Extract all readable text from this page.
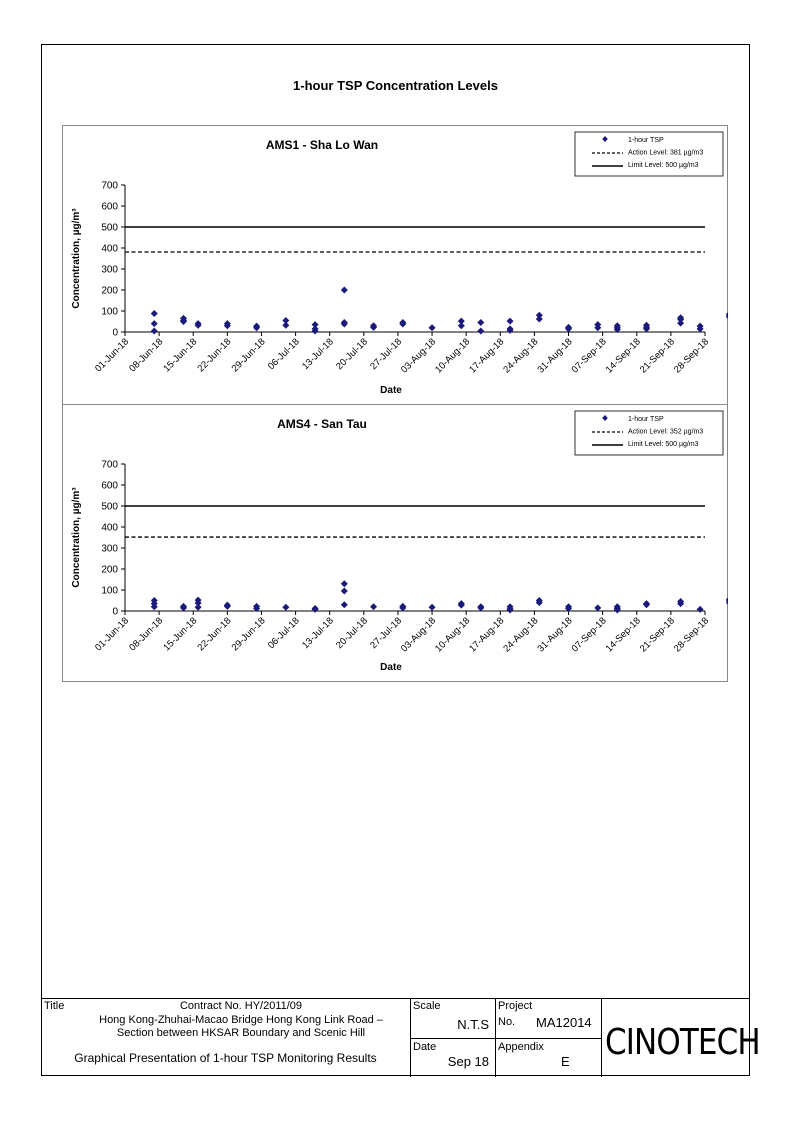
1-hour TSP Concentration Levels
AMS1 - Sha Lo Wan	1-hour TSP
Action Level: 381 µg/m3
Limit Level: 500 µg/m3
0
100
200
300
400
500
600
700
01-Jun-18
08-Jun-18
15-Jun-18
22-Jun-18
29-Jun-18
06-Jul-18
13-Jul-18
20-Jul-18
27-Jul-18
03-Aug-18
10-Aug-18
17-Aug-18
24-Aug-18
31-Aug-18
07-Sep-18
14-Sep-18
21-Sep-18
28-Sep-18
Date
Concentration, µg/m³
AMS4 - San Tau	1-hour TSP
Action Level: 352 µg/m3
Limit Level: 500 µg/m3
0
100
200
300
400
500
600
700
01-Jun-18
08-Jun-18
15-Jun-18
22-Jun-18
29-Jun-18
06-Jul-18
13-Jul-18
20-Jul-18
27-Jul-18
03-Aug-18
10-Aug-18
17-Aug-18
24-Aug-18
31-Aug-18
07-Sep-18
14-Sep-18
21-Sep-18
28-Sep-18
Date
Concentration, µg/m³
Title	Contract No. HY/2011/09
Hong Kong-Zhuhai-Macao Bridge Hong Kong Link Road –
Section between HKSAR Boundary and Scenic Hill
Graphical Presentation of 1-hour TSP Monitoring Results
Scale
N.T.S
Date
Sep 18
Project
No. MA12014
Appendix
E CINOTECH
